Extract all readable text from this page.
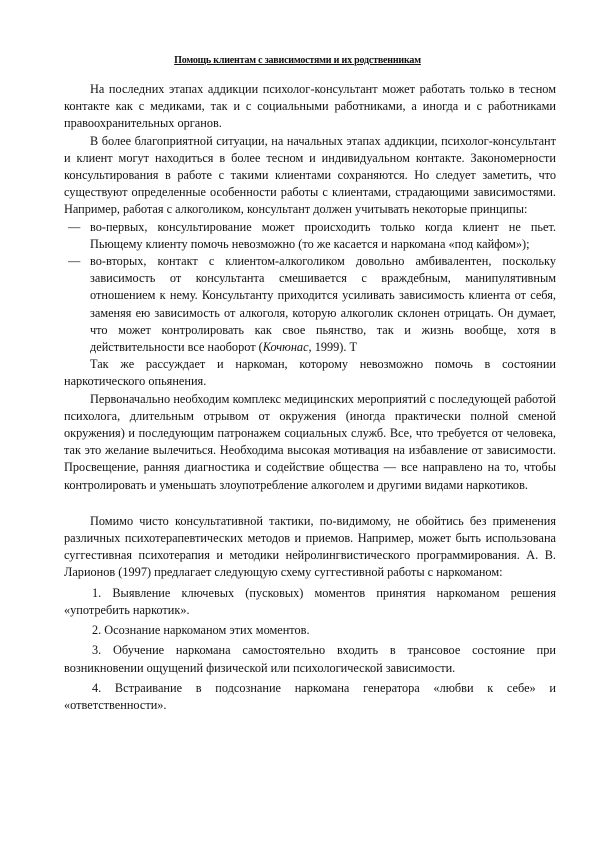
Помощь клиентам с зависимостями и их родственникам

На последних этапах аддикции психолог-консультант может работать только в тесном контакте как с медиками, так и с социальными работниками, а иногда и с работниками правоохранительных органов.

В более благоприятной ситуации, на начальных этапах аддикции, психолог-консультант и клиент могут находиться в более тесном и индивидуальном контакте. Закономерности консультирования в работе с такими клиентами сохраняются. Но следует заметить, что существуют определенные особенности работы с клиентами, страдающими зависимостями. Например, работая с алкоголиком, консультант должен учитывать некоторые принципы:

— во-первых, консультирование может происходить только когда клиент не пьет. Пьющему клиенту помочь невозможно (то же касается и наркомана «под кайфом»);
— во-вторых, контакт с клиентом-алкоголиком довольно амбивалентен, поскольку зависимость от консультанта смешивается с враждебным, манипулятивным отношением к нему. Консультанту приходится усиливать зависимость клиента от себя, заменяя ею зависимость от алкоголя, которую алкоголик склонен отрицать. Он думает, что может контролировать как свое пьянство, так и жизнь вообще, хотя в действительности все наоборот (Кочюнас, 1999). Т

Так же рассуждает и наркоман, которому невозможно помочь в состоянии наркотического опьянения.

Первоначально необходим комплекс медицинских мероприятий с последующей работой психолога, длительным отрывом от окружения (иногда практически полной сменой окружения) и последующим патронажем социальных служб. Все, что требуется от человека, так это желание вылечиться. Необходима высокая мотивация на избавление от зависимости. Просвещение, ранняя диагностика и содействие общества — все направлено на то, чтобы контролировать и уменьшать злоупотребление алкоголем и другими видами наркотиков.

Помимо чисто консультативной тактики, по-видимому, не обойтись без применения различных психотерапевтических методов и приемов. Например, может быть использована суггестивная психотерапия и методики нейролингвистического программирования. А. В. Ларионов (1997) предлагает следующую схему суггестивной работы с наркоманом:

1. Выявление ключевых (пусковых) моментов принятия наркоманом решения «употребить наркотик».

2. Осознание наркоманом этих моментов.

3. Обучение наркомана самостоятельно входить в трансовое состояние при возникновении ощущений физической или психологической зависимости.

4. Встраивание в подсознание наркомана генератора «любви к себе» и «ответственности».
